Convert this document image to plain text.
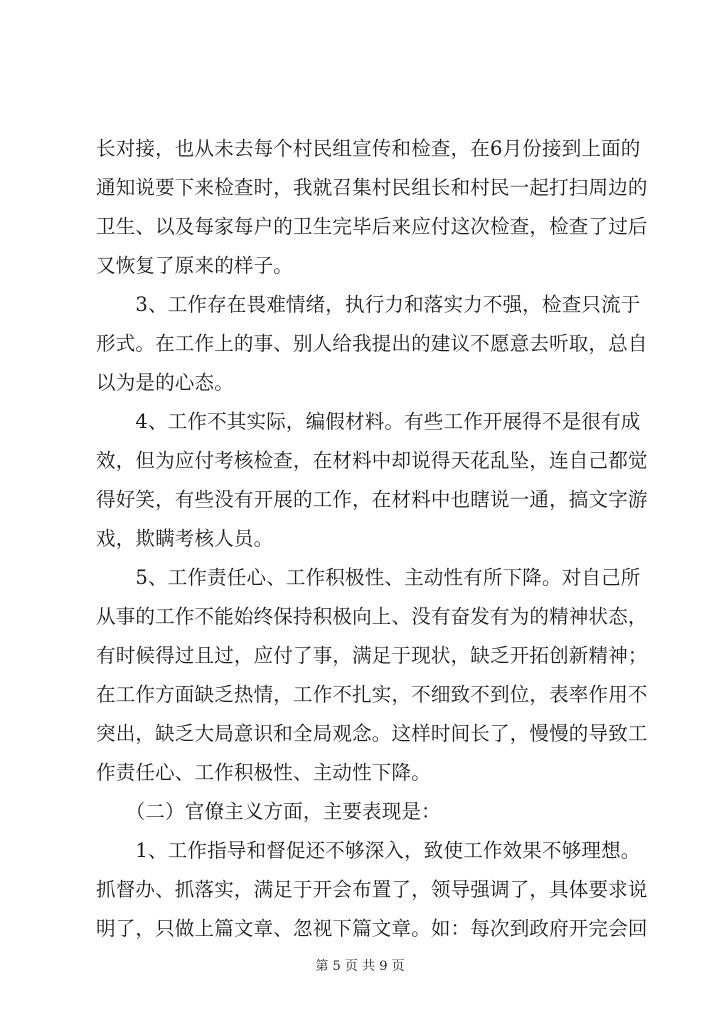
长对接，也从未去每个村民组宣传和检查，在6月份接到上面的
通知说要下来检查时，我就召集村民组长和村民一起打扫周边的
卫生、以及每家每户的卫生完毕后来应付这次检查，检查了过后
又恢复了原来的样子。
　　3、工作存在畏难情绪，执行力和落实力不强，检查只流于
形式。在工作上的事、别人给我提出的建议不愿意去听取，总自
以为是的心态。
　　4、工作不其实际，编假材料。有些工作开展得不是很有成
效，但为应付考核检查，在材料中却说得天花乱坠，连自己都觉
得好笑，有些没有开展的工作，在材料中也瞎说一通，搞文字游
戏，欺瞒考核人员。
　　5、工作责任心、工作积极性、主动性有所下降。对自己所
从事的工作不能始终保持积极向上、没有奋发有为的精神状态，
有时候得过且过，应付了事，满足于现状，缺乏开拓创新精神；
在工作方面缺乏热情，工作不扎实，不细致不到位，表率作用不
突出，缺乏大局意识和全局观念。这样时间长了，慢慢的导致工
作责任心、工作积极性、主动性下降。
　　（二）官僚主义方面，主要表现是：
　　1、工作指导和督促还不够深入，致使工作效果不够理想。
抓督办、抓落实，满足于开会布置了，领导强调了，具体要求说
明了，只做上篇文章、忽视下篇文章。如：每次到政府开完会回
第 5 页 共 9 页
